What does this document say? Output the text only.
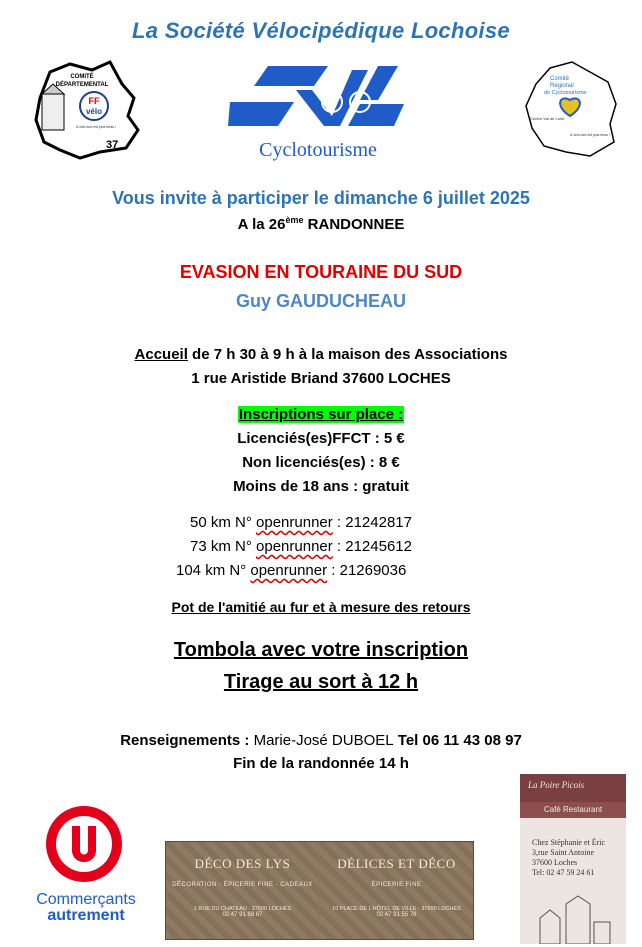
La Société Vélocipédique Lochoise
COMITÉ
DÉPARTEMENTAL
FF
vélo
A vélo tout est plus beau !
37	Cyclotourisme
Comité
Régional
de Cyclotourisme
Centre-Val de Loire
A vélo tout est plus beau !
Vous invite à participer le dimanche 6 juillet 2025
A la 26ème RANDONNEE
EVASION EN TOURAINE DU SUD
Guy GAUDUCHEAU
Accueil de 7 h 30 à 9 h à la maison des Associations
1 rue Aristide Briand 37600 LOCHES
Inscriptions sur place :
Licenciés(es)FFCT : 5 €
Non licenciés(es) : 8 €
Moins de 18 ans : gratuit
50 km N° openrunner : 21242817
73 km N° openrunner : 21245612
104 km N° openrunner : 21269036
Pot de l'amitié au fur et à mesure des retours
Tombola avec votre inscription
Tirage au sort à 12 h
Renseignements : Marie-José DUBOEL Tel 06 11 43 08 97
Fin de la randonnée 14 h
Commerçants
autrement
DÉCO DES LYS
DÉCORATION - ÉPICERIE FINE - CADEAUX
1 RUE DU CHATEAU - 37600 LOCHES
02 47 91 68 67
DÉLICES ET DÉCO
ÉPICERIE FINE
10 PLACE DE L'HÔTEL DE VILLE - 37600 LOCHES
02 47 91 55 78
La Poire Picois
Café Restaurant
Chez Stéphanie et Éric
3,rue Saint Antoine
37600 Loches
Tel: 02 47 59 24 61
